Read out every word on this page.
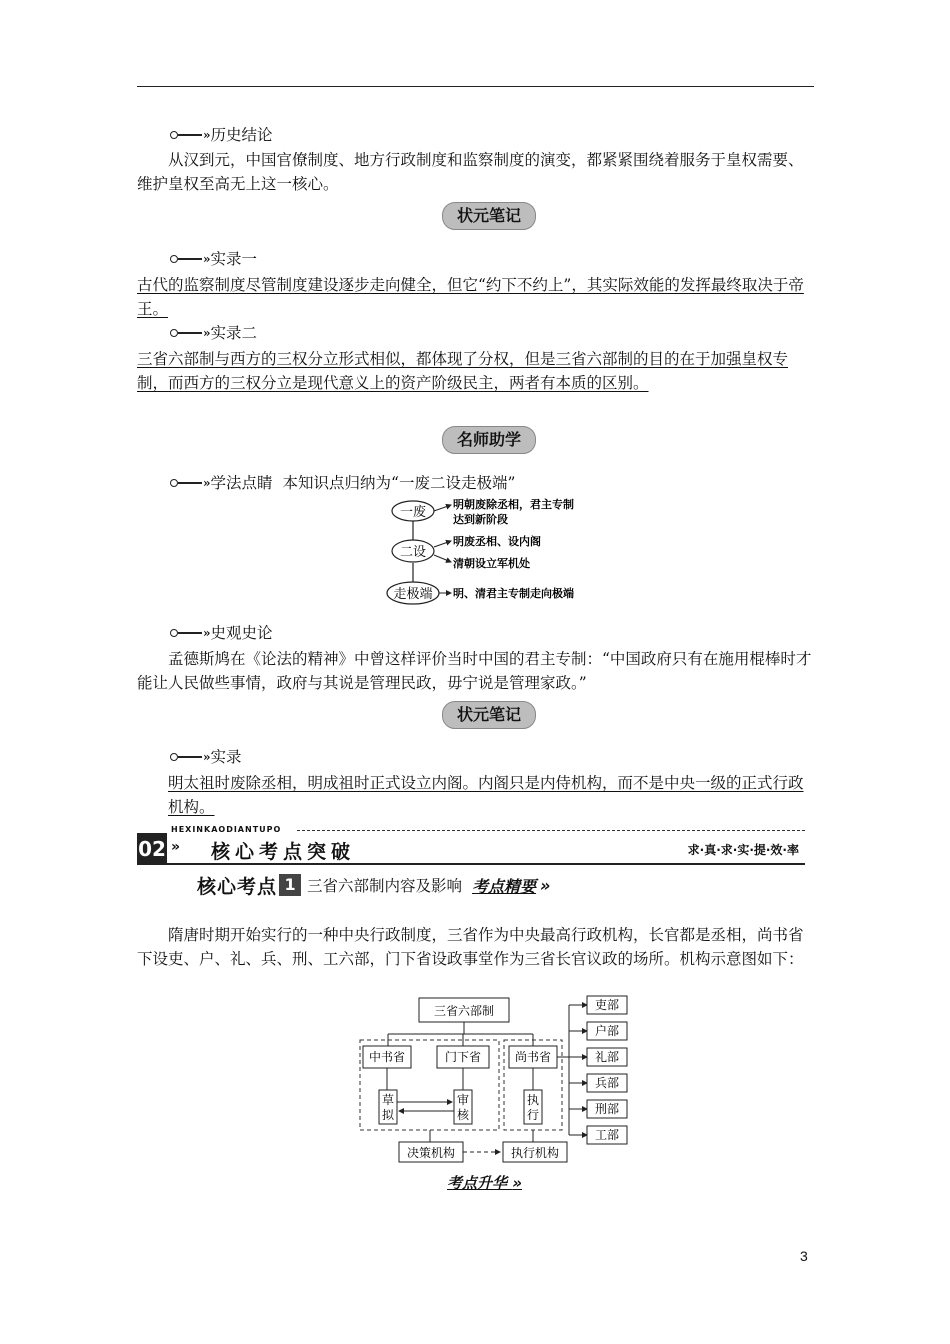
» 历史结论
从汉到元，中国官僚制度、地方行政制度和监察制度的演变，都紧紧围绕着服务于皇权需要、维护皇权至高无上这一核心。
状元笔记
» 实录一
古代的监察制度尽管制度建设逐步走向健全，但它“约下不约上”，其实际效能的发挥最终取决于帝王。
» 实录二
三省六部制与西方的三权分立形式相似，都体现了分权，但是三省六部制的目的在于加强皇权专制，而西方的三权分立是现代意义上的资产阶级民主，两者有本质的区别。
名师助学
» 学法点睛 本知识点归纳为“一废二设走极端”
一废
明朝废除丞相，君主专制
达到新阶段
二设
明废丞相、设内阁
清朝设立军机处
走极端 明、清君主专制走向极端
» 史观史论
孟德斯鸠在《论法的精神》中曾这样评价当时中国的君主专制：“中国政府只有在施用棍棒时才能让人民做些事情，政府与其说是管理民政，毋宁说是管理家政。”
状元笔记
» 实录
明太祖时废除丞相，明成祖时正式设立内阁。内阁只是内侍机构，而不是中央一级的正式行政机构。
02
HEXINKAODIANTUPO
» 核心考点突破	求·真·求·实·提·效·率
核心考点 1 三省六部制内容及影响 考点精要 »
隋唐时期开始实行的一种中央行政制度，三省作为中央最高行政机构，长官都是丞相，尚书省下设吏、户、礼、兵、刑、工六部，门下省设政事堂作为三省长官议政的场所。机构示意图如下：
三省六部制
中书省	门下省	尚书省
草拟
审核
执行
决策机构	执行机构
吏部
户部
礼部
兵部
刑部
工部
考点升华 »
3
